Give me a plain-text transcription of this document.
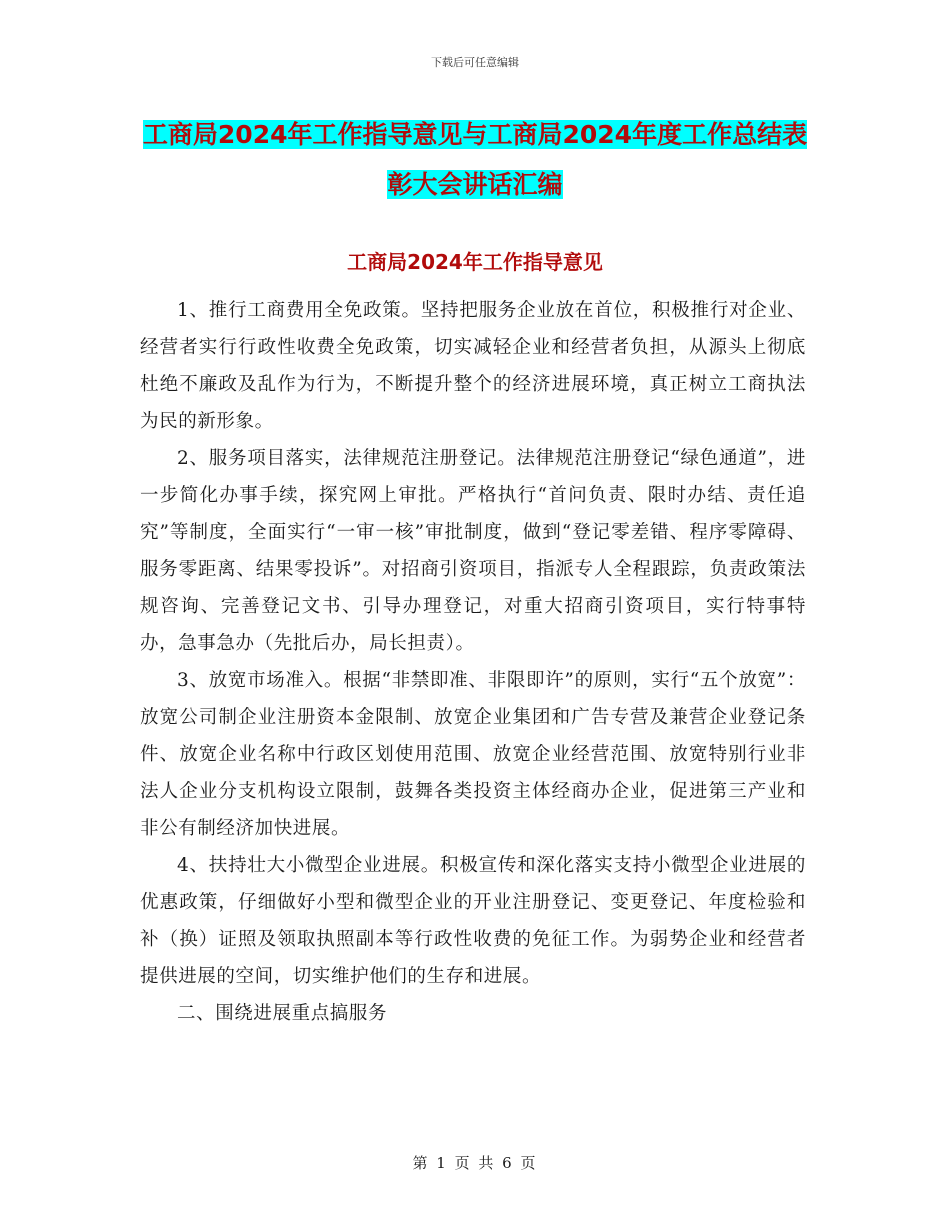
下载后可任意编辑
工商局2024年工作指导意见与工商局2024年度工作总结表彰大会讲话汇编
工商局2024年工作指导意见

1、推行工商费用全免政策。坚持把服务企业放在首位，积极推行对企业、经营者实行行政性收费全免政策，切实减轻企业和经营者负担，从源头上彻底杜绝不廉政及乱作为行为，不断提升整个的经济进展环境，真正树立工商执法为民的新形象。

2、服务项目落实，法律规范注册登记。法律规范注册登记“绿色通道”，进一步简化办事手续，探究网上审批。严格执行“首问负责、限时办结、责任追究”等制度，全面实行“一审一核”审批制度，做到“登记零差错、程序零障碍、服务零距离、结果零投诉”。对招商引资项目，指派专人全程跟踪，负责政策法规咨询、完善登记文书、引导办理登记，对重大招商引资项目，实行特事特办，急事急办（先批后办，局长担责）。

3、放宽市场准入。根据“非禁即准、非限即许”的原则，实行“五个放宽”：放宽公司制企业注册资本金限制、放宽企业集团和广告专营及兼营企业登记条件、放宽企业名称中行政区划使用范围、放宽企业经营范围、放宽特别行业非法人企业分支机构设立限制，鼓舞各类投资主体经商办企业，促进第三产业和非公有制经济加快进展。

4、扶持壮大小微型企业进展。积极宣传和深化落实支持小微型企业进展的优惠政策，仔细做好小型和微型企业的开业注册登记、变更登记、年度检验和补（换）证照及领取执照副本等行政性收费的免征工作。为弱势企业和经营者提供进展的空间，切实维护他们的生存和进展。

二、围绕进展重点搞服务

第 1 页 共 6 页
